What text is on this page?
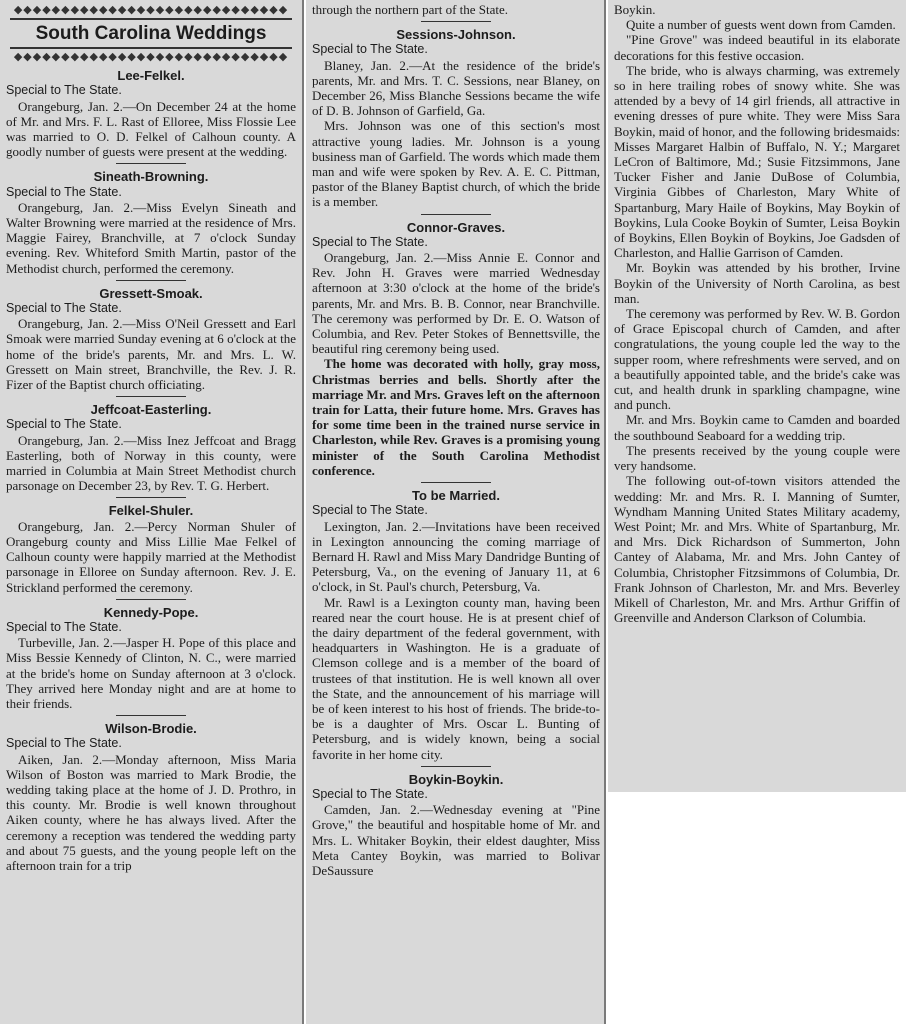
◆◆◆◆◆◆◆◆◆◆◆◆◆◆◆◆◆◆◆◆◆◆◆◆◆◆◆◆◆
South Carolina Weddings
◆◆◆◆◆◆◆◆◆◆◆◆◆◆◆◆◆◆◆◆◆◆◆◆◆◆◆◆◆
Lee-Felkel.
Special to The State.

Orangeburg, Jan. 2.—On December 24 at the home of Mr. and Mrs. F. L. Rast of Elloree, Miss Flossie Lee was married to O. D. Felkel of Calhoun county. A goodly number of guests were present at the wedding.

Sineath-Browning.
Special to The State.

Orangeburg, Jan. 2.—Miss Evelyn Sineath and Walter Browning were married at the residence of Mrs. Maggie Fairey, Branchville, at 7 o'clock Sunday evening. Rev. Whiteford Smith Martin, pastor of the Methodist church, performed the ceremony.

Gressett-Smoak.
Special to The State.

Orangeburg, Jan. 2.—Miss O'Neil Gressett and Earl Smoak were married Sunday evening at 6 o'clock at the home of the bride's parents, Mr. and Mrs. L. W. Gressett on Main street, Branchville, the Rev. J. R. Fizer of the Baptist church officiating.

Jeffcoat-Easterling.
Special to The State.

Orangeburg, Jan. 2.—Miss Inez Jeffcoat and Bragg Easterling, both of Norway in this county, were married in Columbia at Main Street Methodist church parsonage on December 23, by Rev. T. G. Herbert.

Felkel-Shuler.

Orangeburg, Jan. 2.—Percy Norman Shuler of Orangeburg county and Miss Lillie Mae Felkel of Calhoun county were happily married at the Methodist parsonage in Elloree on Sunday afternoon. Rev. J. E. Strickland performed the ceremony.

Kennedy-Pope.
Special to The State.

Turbeville, Jan. 2.—Jasper H. Pope of this place and Miss Bessie Kennedy of Clinton, N. C., were married at the bride's home on Sunday afternoon at 3 o'clock. They arrived here Monday night and are at home to their friends.

Wilson-Brodie.
Special to The State.

Aiken, Jan. 2.—Monday afternoon, Miss Maria Wilson of Boston was married to Mark Brodie, the wedding taking place at the home of J. D. Prothro, in this county. Mr. Brodie is well known throughout Aiken county, where he has always lived. After the ceremony a reception was tendered the wedding party and about 75 guests, and the young people left on the afternoon train for a trip

through the northern part of the State.

Sessions-Johnson.
Special to The State.

Blaney, Jan. 2.—At the residence of the bride's parents, Mr. and Mrs. T. C. Sessions, near Blaney, on December 26, Miss Blanche Sessions became the wife of D. B. Johnson of Garfield, Ga.

Mrs. Johnson was one of this section's most attractive young ladies. Mr. Johnson is a young business man of Garfield. The words which made them man and wife were spoken by Rev. A. E. C. Pittman, pastor of the Blaney Baptist church, of which the bride is a member.

Connor-Graves.
Special to The State.

Orangeburg, Jan. 2.—Miss Annie E. Connor and Rev. John H. Graves were married Wednesday afternoon at 3:30 o'clock at the home of the bride's parents, Mr. and Mrs. B. B. Connor, near Branchville. The ceremony was performed by Dr. E. O. Watson of Columbia, and Rev. Peter Stokes of Bennettsville, the beautiful ring ceremony being used.

The home was decorated with holly, gray moss, Christmas berries and bells. Shortly after the marriage Mr. and Mrs. Graves left on the afternoon train for Latta, their future home. Mrs. Graves has for some time been in the trained nurse service in Charleston, while Rev. Graves is a promising young minister of the South Carolina Methodist conference.

To be Married.
Special to The State.

Lexington, Jan. 2.—Invitations have been received in Lexington announcing the coming marriage of Bernard H. Rawl and Miss Mary Dandridge Bunting of Petersburg, Va., on the evening of January 11, at 6 o'clock, in St. Paul's church, Petersburg, Va.

Mr. Rawl is a Lexington county man, having been reared near the court house. He is at present chief of the dairy department of the federal government, with headquarters in Washington. He is a graduate of Clemson college and is a member of the board of trustees of that institution. He is well known all over the State, and the announcement of his marriage will be of keen interest to his host of friends. The bride-to-be is a daughter of Mrs. Oscar L. Bunting of Petersburg, and is widely known, being a social favorite in her home city.

Boykin-Boykin.
Special to The State.

Camden, Jan. 2.—Wednesday evening at "Pine Grove," the beautiful and hospitable home of Mr. and Mrs. L. Whitaker Boykin, their eldest daughter, Miss Meta Cantey Boykin, was married to Bolivar DeSaussure

Boykin.

Quite a number of guests went down from Camden.

"Pine Grove" was indeed beautiful in its elaborate decorations for this festive occasion.

The bride, who is always charming, was extremely so in here trailing robes of snowy white. She was attended by a bevy of 14 girl friends, all attractive in evening dresses of pure white. They were Miss Sara Boykin, maid of honor, and the following bridesmaids: Misses Margaret Halbin of Buffalo, N. Y.; Margaret LeCron of Baltimore, Md.; Susie Fitzsimmons, Jane Tucker Fisher and Janie DuBose of Columbia, Virginia Gibbes of Charleston, Mary White of Spartanburg, Mary Haile of Boykins, May Boykin of Boykins, Lula Cooke Boykin of Sumter, Leisa Boykin of Boykins, Ellen Boykin of Boykins, Joe Gadsden of Charleston, and Hallie Garrison of Camden.

Mr. Boykin was attended by his brother, Irvine Boykin of the University of North Carolina, as best man.

The ceremony was performed by Rev. W. B. Gordon of Grace Episcopal church of Camden, and after congratulations, the young couple led the way to the supper room, where refreshments were served, and on a beautifully appointed table, and the bride's cake was cut, and health drunk in sparkling champagne, wine and punch.

Mr. and Mrs. Boykin came to Camden and boarded the southbound Seaboard for a wedding trip.

The presents received by the young couple were very handsome.

The following out-of-town visitors attended the wedding: Mr. and Mrs. R. I. Manning of Sumter, Wyndham Manning United States Military academy, West Point; Mr. and Mrs. White of Spartanburg, Mr. and Mrs. Dick Richardson of Summerton, John Cantey of Alabama, Mr. and Mrs. John Cantey of Columbia, Christopher Fitzsimmons of Columbia, Dr. Frank Johnson of Charleston, Mr. and Mrs. Beverley Mikell of Charleston, Mr. and Mrs. Arthur Griffin of Greenville and Anderson Clarkson of Columbia.
